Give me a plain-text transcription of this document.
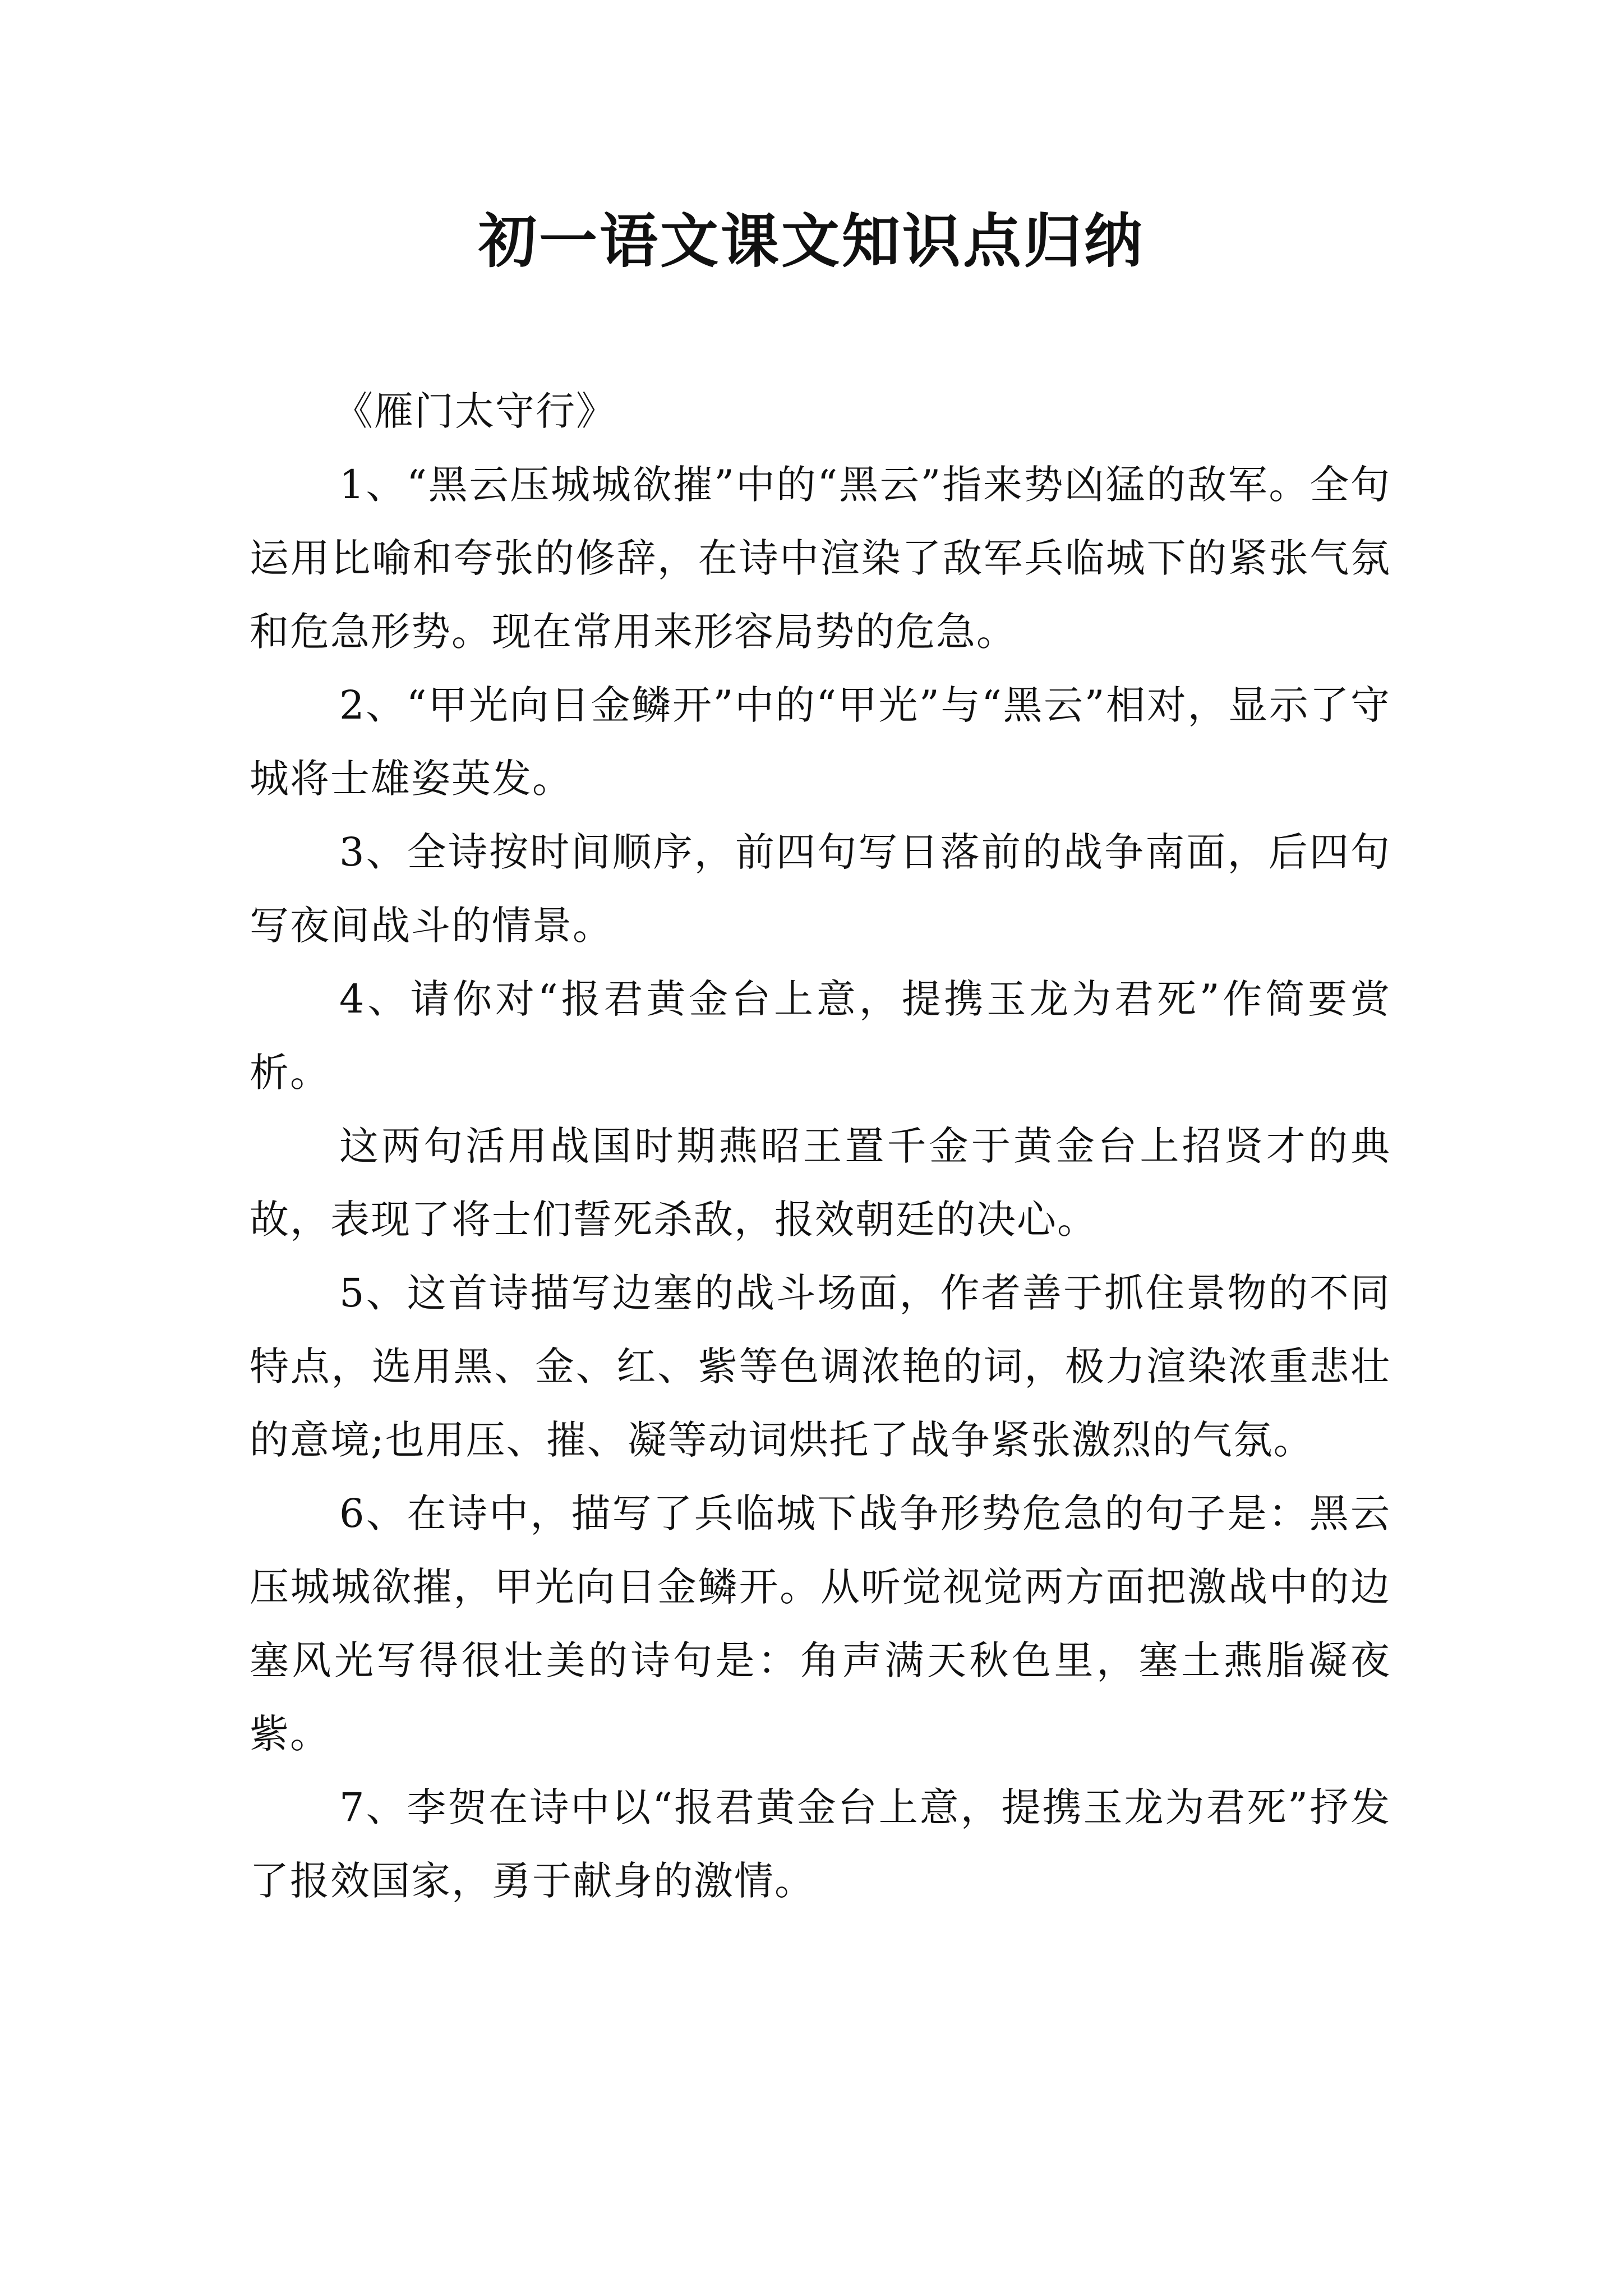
初一语文课文知识点归纳

《雁门太守行》

1、“黑云压城城欲摧”中的“黑云”指来势凶猛的敌军。全句运用比喻和夸张的修辞，在诗中渲染了敌军兵临城下的紧张气氛和危急形势。现在常用来形容局势的危急。

2、“甲光向日金鳞开”中的“甲光”与“黑云”相对，显示了守城将士雄姿英发。

3、全诗按时间顺序，前四句写日落前的战争南面，后四句写夜间战斗的情景。

4、请你对“报君黄金台上意，提携玉龙为君死”作简要赏析。

这两句活用战国时期燕昭王置千金于黄金台上招贤才的典故，表现了将士们誓死杀敌，报效朝廷的决心。

5、这首诗描写边塞的战斗场面，作者善于抓住景物的不同特点，选用黑、金、红、紫等色调浓艳的词，极力渲染浓重悲壮的意境;也用压、摧、凝等动词烘托了战争紧张激烈的气氛。

6、在诗中，描写了兵临城下战争形势危急的句子是：黑云压城城欲摧，甲光向日金鳞开。从听觉视觉两方面把激战中的边塞风光写得很壮美的诗句是：角声满天秋色里，塞土燕脂凝夜紫。

7、李贺在诗中以“报君黄金台上意，提携玉龙为君死”抒发了报效国家，勇于献身的激情。
